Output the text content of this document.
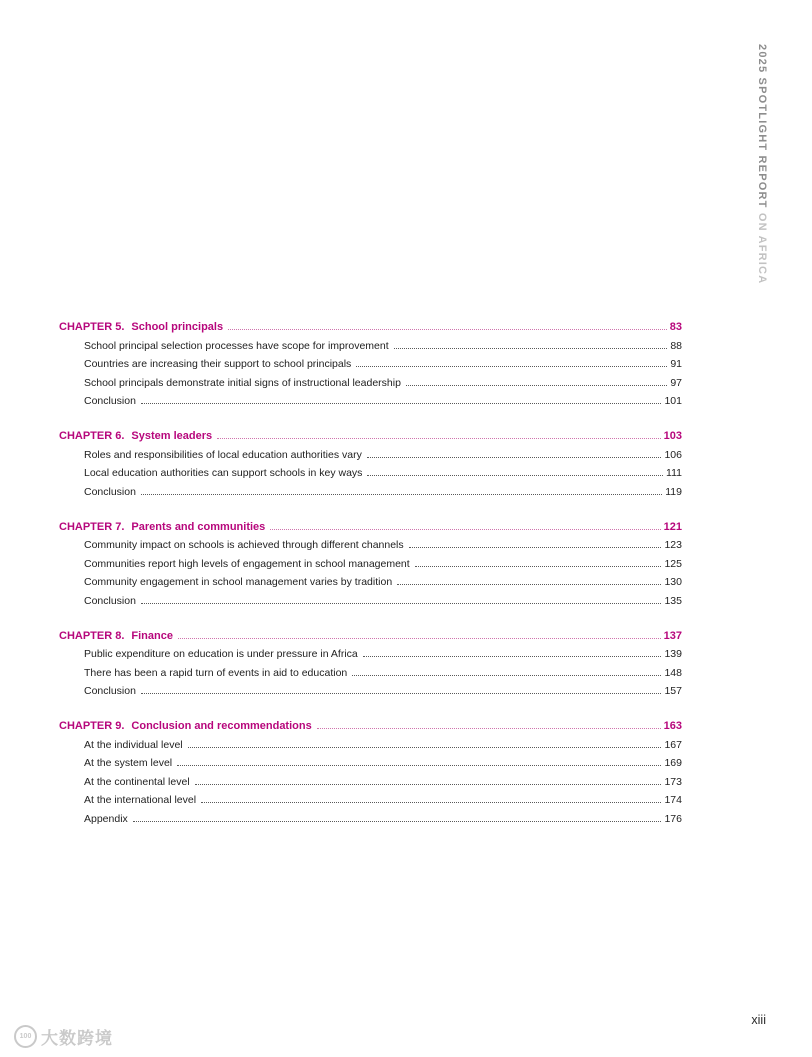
2025 SPOTLIGHT REPORT ON AFRICA
CHAPTER 5. School principals	83
School principal selection processes have scope for improvement	88
Countries are increasing their support to school principals	91
School principals demonstrate initial signs of instructional leadership	97
Conclusion	101
CHAPTER 6. System leaders	103
Roles and responsibilities of local education authorities vary	106
Local education authorities can support schools in key ways	111
Conclusion	119
CHAPTER 7. Parents and communities	121
Community impact on schools is achieved through different channels	123
Communities report high levels of engagement in school management	125
Community engagement in school management varies by tradition	130
Conclusion	135
CHAPTER 8. Finance	137
Public expenditure on education is under pressure in Africa	139
There has been a rapid turn of events in aid to education	148
Conclusion	157
CHAPTER 9. Conclusion and recommendations	163
At the individual level	167
At the system level	169
At the continental level	173
At the international level	174
Appendix	176
100 大数跨境
xiii
